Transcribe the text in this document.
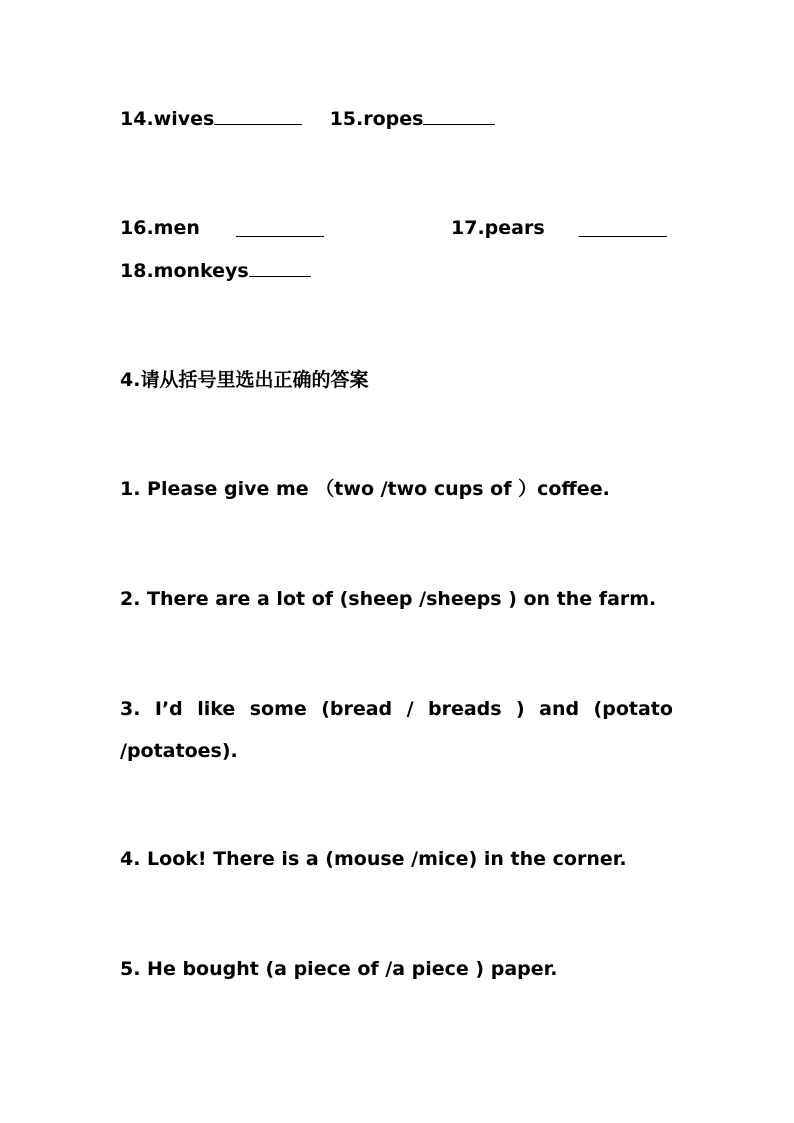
14.wives	15.ropes
16.men	17.pears
18.monkeys
4.请从括号里选出正确的答案
1. Please give me （two /two cups of ）coffee.
2. There are a lot of (sheep /sheeps ) on the farm.
3. I’d like some (bread / breads ) and (potato
/potatoes).
4. Look! There is a (mouse /mice) in the corner.
5. He bought (a piece of /a piece ) paper.
